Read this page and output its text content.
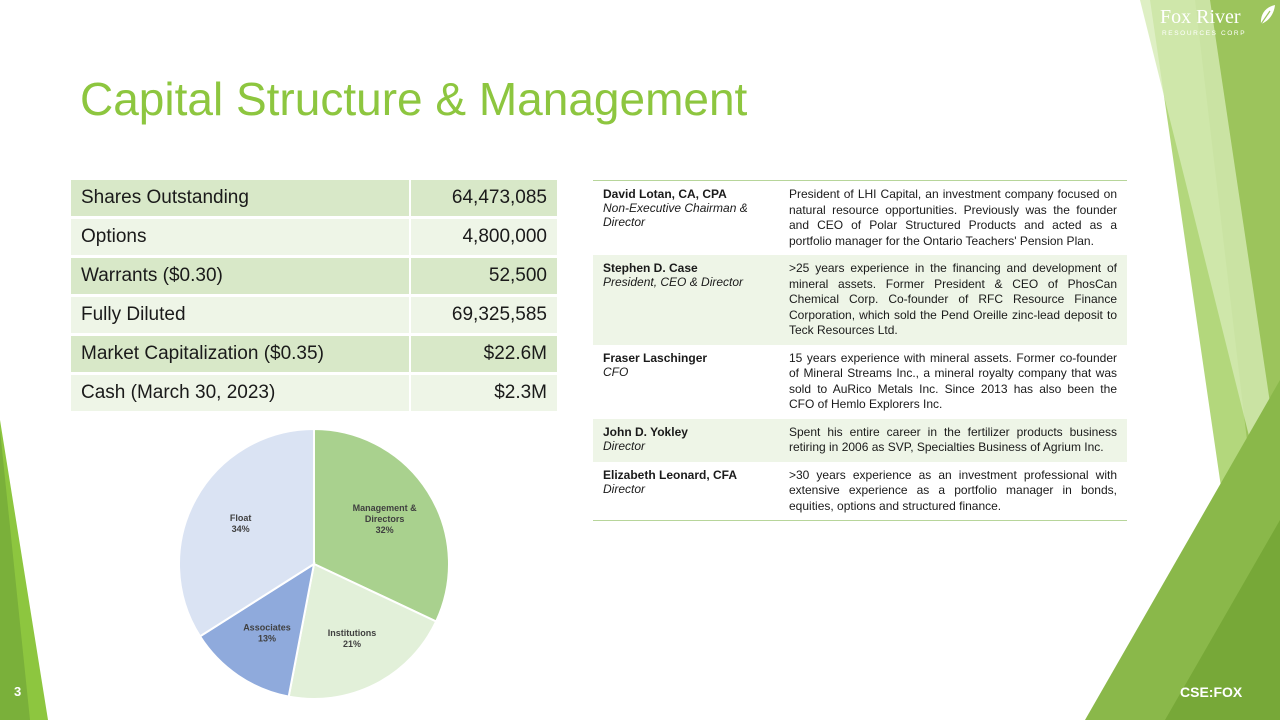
Fox River
RESOURCES CORP
Capital Structure & Management
Shares Outstanding	64,473,085
Options	4,800,000
Warrants ($0.30)	52,500
Fully Diluted	69,325,585
Market Capitalization ($0.35)	$22.6M
Cash (March 30, 2023)	$2.3M
Management &
Directors
32%
Institutions
21%
Associates
13%
Float
34%
David Lotan, CA, CPA
Non-Executive Chairman & Director	President of LHI Capital, an investment company focused on natural resource opportunities. Previously was the founder and CEO of Polar Structured Products and acted as a portfolio manager for the Ontario Teachers' Pension Plan.

Stephen D. Case
President, CEO & Director	>25 years experience in the financing and development of mineral assets. Former President & CEO of PhosCan Chemical Corp. Co-founder of RFC Resource Finance Corporation, which sold the Pend Oreille zinc-lead deposit to Teck Resources Ltd.

Fraser Laschinger
CFO	15 years experience with mineral assets. Former co-founder of Mineral Streams Inc., a mineral royalty company that was sold to AuRico Metals Inc. Since 2013 has also been the CFO of Hemlo Explorers Inc.

John D. Yokley
Director	Spent his entire career in the fertilizer products business retiring in 2006 as SVP, Specialties Business of Agrium Inc.

Elizabeth Leonard, CFA
Director	>30 years experience as an investment professional with extensive experience as a portfolio manager in bonds, equities, options and structured finance.
3	CSE:FOX
